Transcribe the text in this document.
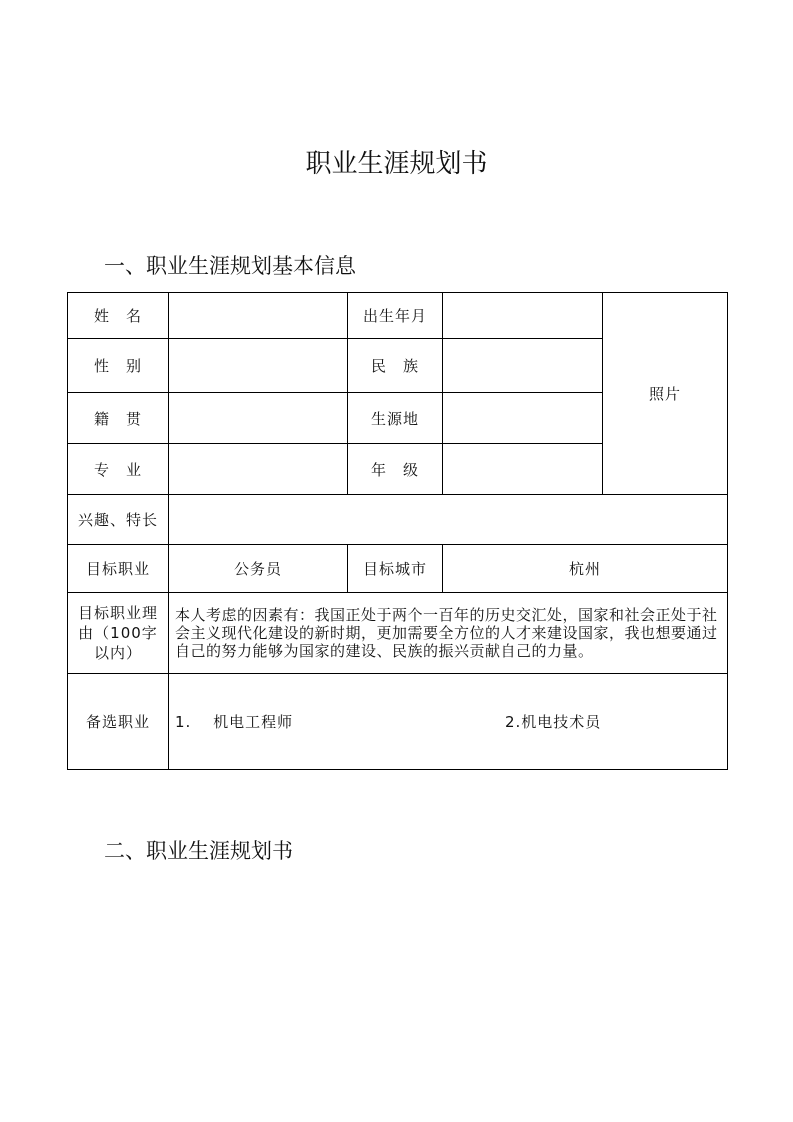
职业生涯规划书
一、职业生涯规划基本信息
姓　名		出生年月		照片
性　别		民　族		
籍　贯		生源地		
专　业		年　级		
兴趣、特长				
目标职业	公务员	目标城市	杭州	
目标职业理由（100字以内）	本人考虑的因素有：我国正处于两个一百年的历史交汇处，国家和社会正处于社会主义现代化建设的新时期，更加需要全方位的人才来建设国家，我也想要通过自己的努力能够为国家的建设、民族的振兴贡献自己的力量。			
备选职业	1.　 机电工程师 2.机电技术员			
二、职业生涯规划书
